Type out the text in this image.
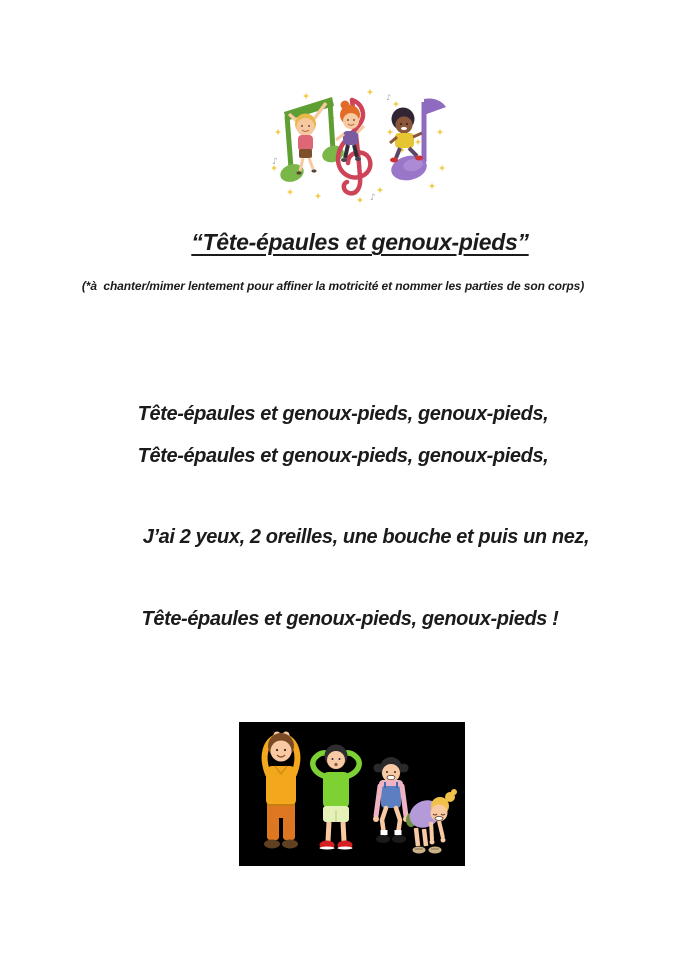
♪
♪
♪
“Tête-épaules et genoux-pieds”
(*à  chanter/mimer lentement pour affiner la motricité et nommer les parties de son corps)
Tête-épaules et genoux-pieds, genoux-pieds,
Tête-épaules et genoux-pieds, genoux-pieds,
J’ai 2 yeux, 2 oreilles, une bouche et puis un nez,
Tête-épaules et genoux-pieds, genoux-pieds !
